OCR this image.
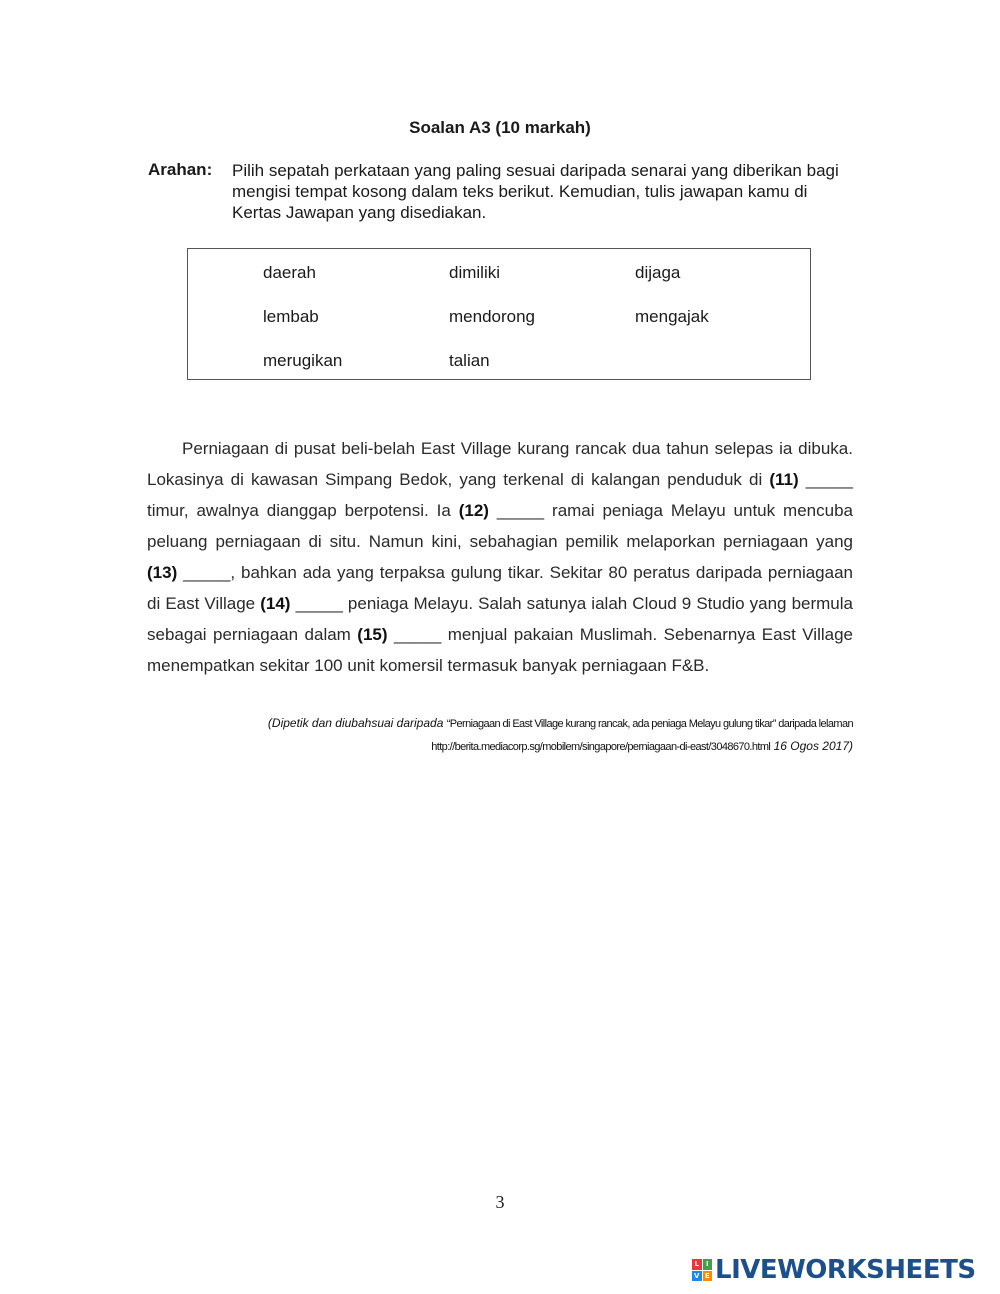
Soalan A3 (10 markah)
Arahan: Pilih sepatah perkataan yang paling sesuai daripada senarai yang diberikan bagi mengisi tempat kosong dalam teks berikut. Kemudian, tulis jawapan kamu di Kertas Jawapan yang disediakan.
daerah	dimiliki	dijaga
lembab	mendorong	mengajak
merugikan	talian

Perniagaan di pusat beli-belah East Village kurang rancak dua tahun selepas ia dibuka. Lokasinya di kawasan Simpang Bedok, yang terkenal di kalangan penduduk di (11) _____ timur, awalnya dianggap berpotensi. Ia (12) _____ ramai peniaga Melayu untuk mencuba peluang perniagaan di situ. Namun kini, sebahagian pemilik melaporkan perniagaan yang (13) _____, bahkan ada yang terpaksa gulung tikar. Sekitar 80 peratus daripada perniagaan di East Village (14) _____ peniaga Melayu. Salah satunya ialah Cloud 9 Studio yang bermula sebagai perniagaan dalam (15) _____ menjual pakaian Muslimah. Sebenarnya East Village menempatkan sekitar 100 unit komersil termasuk banyak perniagaan F&B.

(Dipetik dan diubahsuai daripada “Perniagaan di East Village kurang rancak, ada peniaga Melayu gulung tikar” daripada lelaman
http://berita.mediacorp.sg/mobilem/singapore/perniagaan-di-east/3048670.html 16 Ogos 2017)
3
L I
V E LIVEWORKSHEETS
